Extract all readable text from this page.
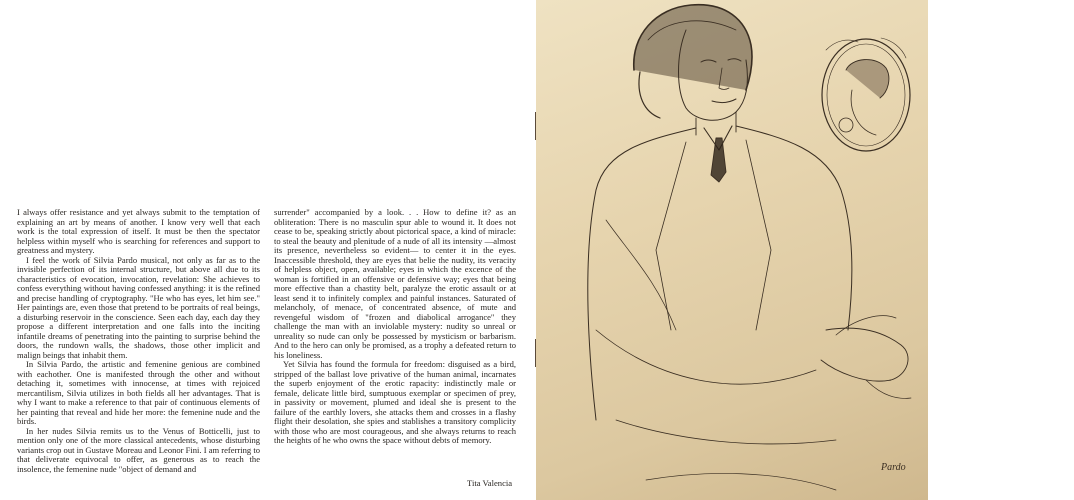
I always offer resistance and yet always submit to the temptation of explaining an art by means of another. I know very well that each work is the total expression of itself. It must be then the spectator helpless within myself who is searching for references and support to greatness and mystery.

I feel the work of Silvia Pardo musical, not only as far as to the invisible perfection of its internal structure, but above all due to its characteristics of evocation, invocation, revelation: She achieves to confess everything without having confessed anything: it is the refined and precise handling of cryptography. "He who has eyes, let him see." Her paintings are, even those that pretend to be portraits of real beings, a disturbing reservoir in the conscience. Seen each day, each day they propose a different interpretation and one falls into the inciting infantile dreams of penetrating into the painting to surprise behind the doors, the rundown walls, the shadows, those other implicit and malign beings that inhabit them.

In Silvia Pardo, the artistic and femenine genious are combined with eachother. One is manifested through the other and without detaching it, sometimes with innocense, at times with rejoiced mercantilism, Silvia utilizes in both fields all her advantages. That is why I want to make a reference to that pair of continuous elements of her painting that reveal and hide her more: the femenine nude and the birds.

In her nudes Silvia remits us to the Venus of Botticelli, just to mention only one of the more classical antecedents, whose disturbing variants crop out in Gustave Moreau and Leonor Fini. I am referring to that deliverate equivocal to offer, as generous as to reach the insolence, the femenine nude "object of demand and

surrender" accompanied by a look. . . How to define it? as an obliteration: There is no masculin spur able to wound it. It does not cease to be, speaking strictly about pictorical space, a kind of miracle: to steal the beauty and plenitude of a nude of all its intensity —almost its presence, nevertheless so evident— to center it in the eyes. Inaccessible threshold, they are eyes that belie the nudity, its veracity of helpless object, open, available; eyes in which the excence of the woman is fortified in an offensive or defensive way; eyes that being more effective than a chastity belt, paralyze the erotic assault or at least send it to infinitely complex and painful instances. Saturated of melancholy, of menace, of concentrated absence, of mute and revengeful wisdom of "frozen and diabolical arrogance" they challenge the man with an inviolable mystery: nudity so unreal or unreality so nude can only be possessed by mysticism or barbarism. And to the hero can only be promised, as a trophy a defeated return to his loneliness.

Yet Silvia has found the formula for freedom: disguised as a bird, stripped of the ballast love privative of the human animal, incarnates the superb enjoyment of the erotic rapacity: indistinctly male or female, delicate little bird, sumptuous exemplar or specimen of prey, in passivity or movement, plumed and ideal she is present to the failure of the earthly lovers, she attacks them and crosses in a flashy flight their desolation, she spies and stablishes a transitory complicity with those who are most courageous, and she always returns to reach the heights of he who owns the space without debts of memory.

Tita Valencia
Pardo
